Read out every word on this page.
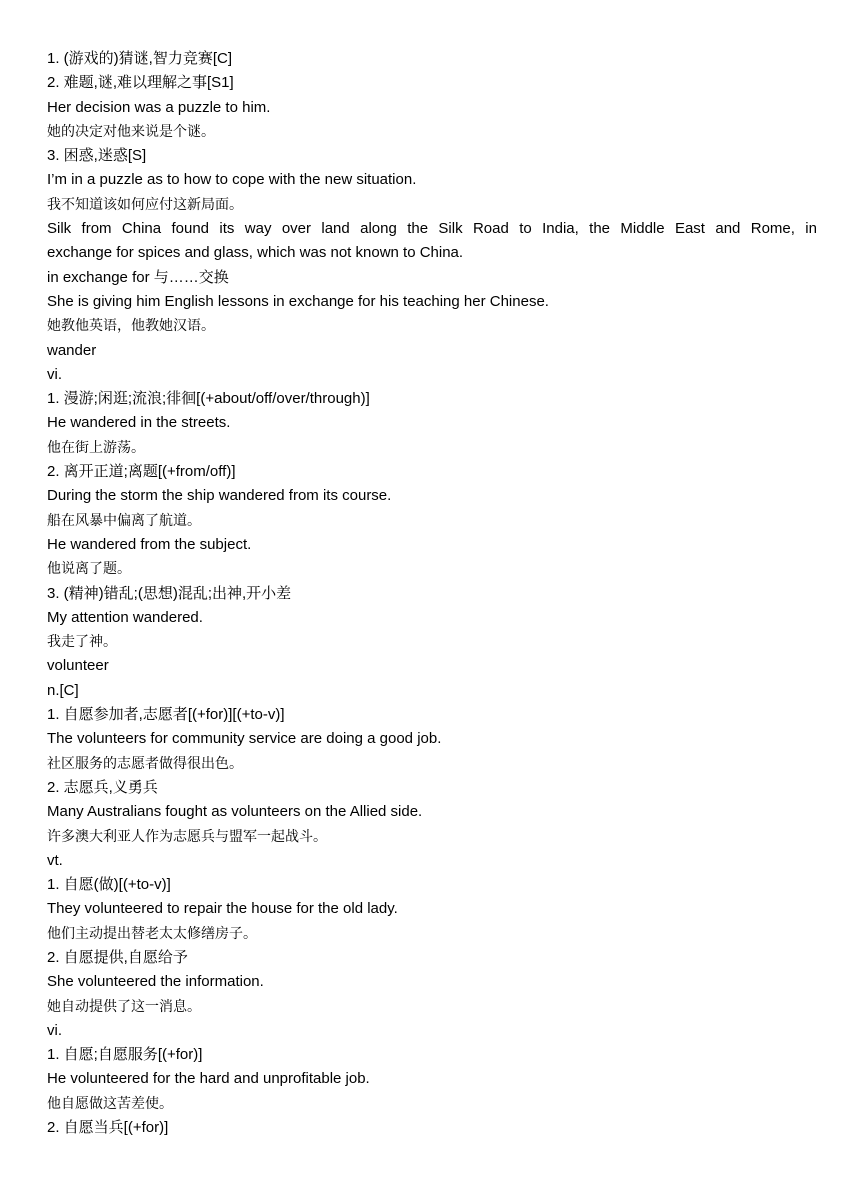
1. (游戏的)猜谜,智力竞赛[C]
2. 难题,谜,难以理解之事[S1]
Her decision was a puzzle to him.
她的决定对他来说是个谜。
3. 困惑,迷惑[S]
I’m in a puzzle as to how to cope with the new situation.
我不知道该如何应付这新局面。
Silk from China found its way over land along the Silk Road to India, the Middle East and Rome, in
exchange for spices and glass, which was not known to China.
in exchange for 与……交换
She is giving him English lessons in exchange for his teaching her Chinese.
她教他英语，他教她汉语。
wander
vi.
1. 漫游;闲逛;流浪;徘徊[(+about/off/over/through)]
He wandered in the streets.
他在街上游荡。
2. 离开正道;离题[(+from/off)]
During the storm the ship wandered from its course.
船在风暴中偏离了航道。
He wandered from the subject.
他说离了题。
3. (精神)错乱;(思想)混乱;出神,开小差
My attention wandered.
我走了神。
volunteer
n.[C]
1. 自愿参加者,志愿者[(+for)][(+to-v)]
The volunteers for community service are doing a good job.
社区服务的志愿者做得很出色。
2. 志愿兵,义勇兵
Many Australians fought as volunteers on the Allied side.
许多澳大利亚人作为志愿兵与盟军一起战斗。
vt.
1. 自愿(做)[(+to-v)]
They volunteered to repair the house for the old lady.
他们主动提出替老太太修缮房子。
2. 自愿提供,自愿给予
She volunteered the information.
她自动提供了这一消息。
vi.
1. 自愿;自愿服务[(+for)]
He volunteered for the hard and unprofitable job.
他自愿做这苦差使。
2. 自愿当兵[(+for)]
